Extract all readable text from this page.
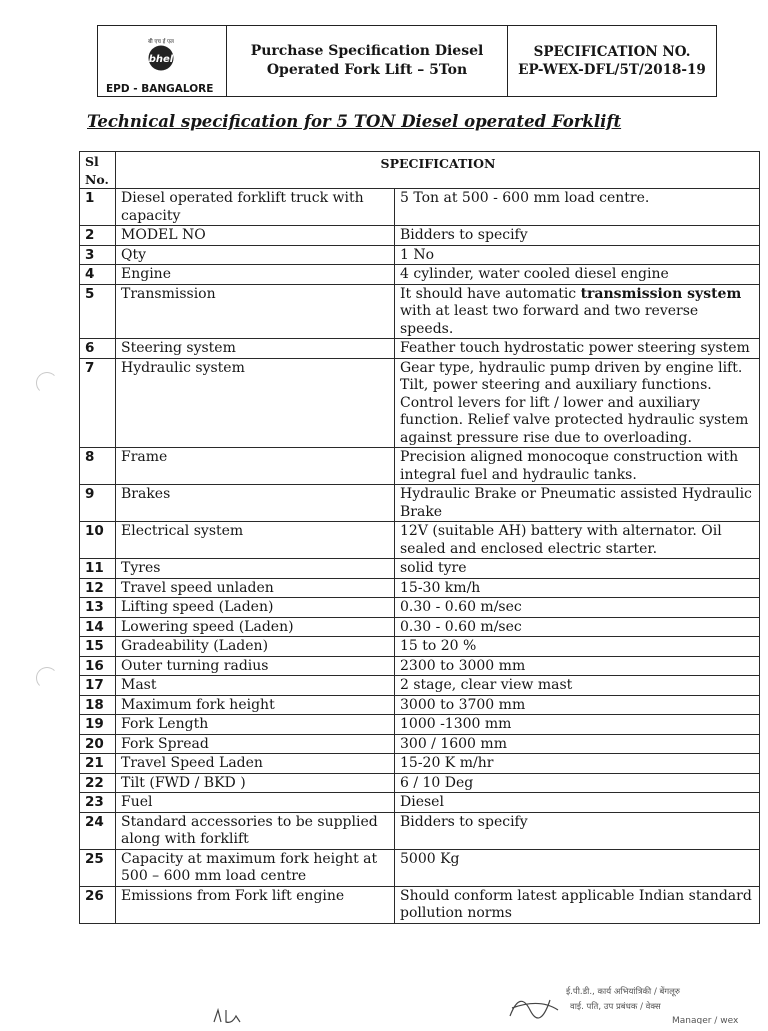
बी एच ई एल
bhel
EPD - BANGALORE
Purchase Specification Diesel
Operated Fork Lift – 5Ton
SPECIFICATION NO.
EP-WEX-DFL/5T/2018-19
Technical specification for 5 TON Diesel operated Forklift
Sl
No.	SPECIFICATION	
1	Diesel operated forklift truck with capacity	5 Ton at 500 - 600 mm load centre.
2	MODEL NO	Bidders to specify
3	Qty	1 No
4	Engine	4 cylinder, water cooled diesel engine
5	Transmission	It should have automatic transmission system with at least two forward and two reverse speeds.
6	Steering system	Feather touch hydrostatic power steering system
7	Hydraulic system	Gear type, hydraulic pump driven by engine lift. Tilt, power steering and auxiliary functions. Control levers for lift / lower and auxiliary function. Relief valve protected hydraulic system against pressure rise due to overloading.
8	Frame	Precision aligned monocoque construction with integral fuel and hydraulic tanks.
9	Brakes	Hydraulic Brake or Pneumatic assisted Hydraulic Brake
10	Electrical system	12V (suitable AH) battery with alternator. Oil sealed and enclosed electric starter.
11	Tyres	solid tyre
12	Travel speed unladen	15-30 km/h
13	Lifting speed (Laden)	0.30 - 0.60 m/sec
14	Lowering speed (Laden)	0.30 - 0.60 m/sec
15	Gradeability (Laden)	15 to 20 %
16	Outer turning radius	2300 to 3000 mm
17	Mast	2 stage, clear view mast
18	Maximum fork height	3000 to 3700 mm
19	Fork Length	1000 -1300 mm
20	Fork Spread	300 / 1600 mm
21	Travel Speed Laden	15-20 K m/hr
22	Tilt (FWD / BKD )	6 / 10 Deg
23	Fuel	Diesel
24	Standard accessories to be supplied along with forklift	Bidders to specify
25	Capacity at maximum fork height at 500 – 600 mm load centre	5000 Kg
26	Emissions from Fork lift engine	Should conform latest applicable Indian standard pollution norms
ई.पी.डी., कार्य अभियांत्रिकी / बेंगलूरु
वाई. पति, उप प्रबंधक / वेक्स
Manager / wex
